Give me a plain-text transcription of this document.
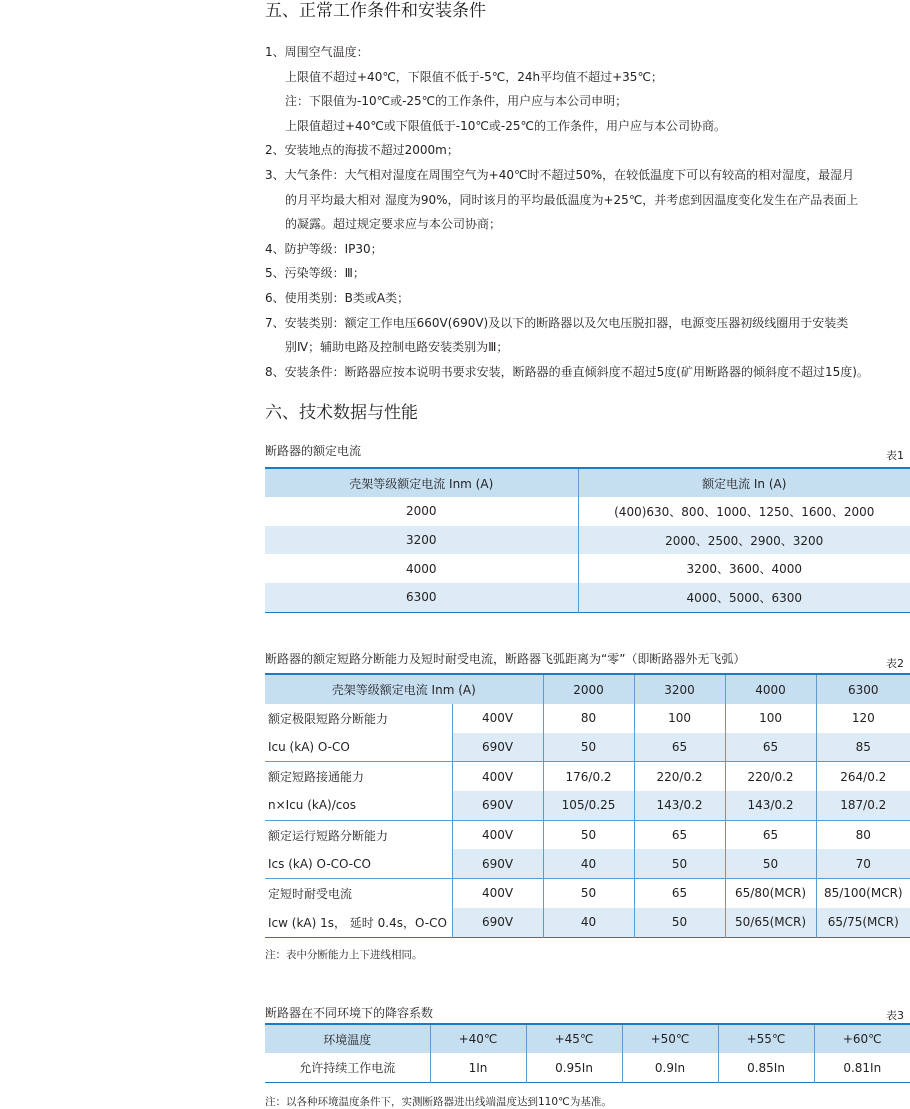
五、正常工作条件和安装条件
1、周围空气温度：
上限值不超过+40℃，下限值不低于-5℃，24h平均值不超过+35℃；
注：下限值为-10℃或-25℃的工作条件，用户应与本公司申明；
上限值超过+40℃或下限值低于-10℃或-25℃的工作条件，用户应与本公司协商。
2、安装地点的海拔不超过2000m；
3、大气条件：大气相对湿度在周围空气为+40℃时不超过50%，在较低温度下可以有较高的相对湿度，最湿月
的月平均最大相对 湿度为90%，同时该月的平均最低温度为+25℃，并考虑到因温度变化发生在产品表面上
的凝露。超过规定要求应与本公司协商；
4、防护等级：IP30；
5、污染等级：Ⅲ；
6、使用类别：B类或A类；
7、安装类别：额定工作电压660V(690V)及以下的断路器以及欠电压脱扣器，电源变压器初级线圈用于安装类
别Ⅳ；辅助电路及控制电路安装类别为Ⅲ；
8、安装条件：断路器应按本说明书要求安装，断路器的垂直倾斜度不超过5度(矿用断路器的倾斜度不超过15度)。
六、技术数据与性能
断路器的额定电流	表1
壳架等级额定电流 Inm (A)	额定电流 In (A)
2000	(400)630、800、1000、1250、1600、2000
3200	2000、2500、2900、3200
4000	3200、3600、4000
6300	4000、5000、6300
断路器的额定短路分断能力及短时耐受电流，断路器飞弧距离为“零”（即断路器外无飞弧）	表2
壳架等级额定电流 Inm (A)		2000	3200	4000	6300
额定极限短路分断能力	400V	80	100	100	120
Icu (kA) O-CO	690V	50	65	65	85
额定短路接通能力	400V	176/0.2	220/0.2	220/0.2	264/0.2
n×Icu (kA)/cos	690V	105/0.25	143/0.2	143/0.2	187/0.2
额定运行短路分断能力	400V	50	65	65	80
Ics (kA) O-CO-CO	690V	40	50	50	70
定短时耐受电流	400V	50	65	65/80(MCR)	85/100(MCR)
Icw (kA) 1s， 延时 0.4s，O-CO	690V	40	50	50/65(MCR)	65/75(MCR)
注：表中分断能力上下进线相同。
断路器在不同环境下的降容系数	表3
环境温度	+40℃	+45℃	+50℃	+55℃	+60℃
允许持续工作电流	1In	0.95In	0.9In	0.85In	0.81In
注：以各种环境温度条件下，实测断路器进出线端温度达到110℃为基准。
